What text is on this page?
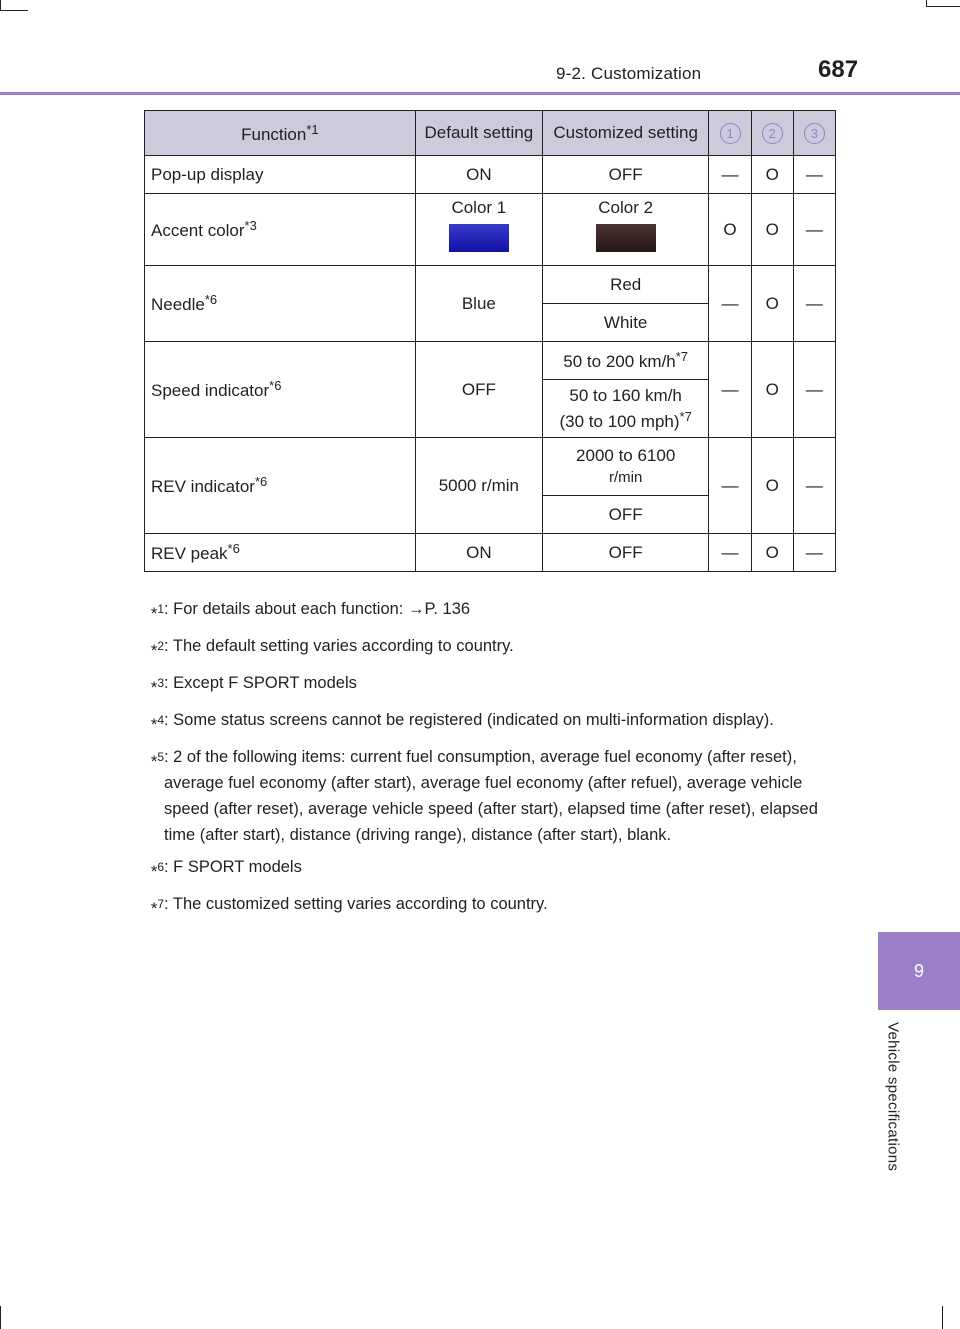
9-2. Customization	687
9
Vehicle specifications
Function$^{*1}$	Default setting	Customized setting	1	2	3
Pop-up display	ON	OFF	—	O	—
Accent color$^{*3}$	Color 1	Color 2	O	O	—
Needle$^{*6}$	Blue	Red	—	O	—
		White			
Speed indicator$^{*6}$	OFF	50 to 200 $km/h^{*7}$	—	O	—
		50 to 160 km/h
(30 to 100 mph)$^{*7}$
REV indicator$^{*6}$	5000 r/min	2000 to 6100
r/min	—	O	—
		OFF			
REV peak$^{*6}$	ON	OFF	—	O	—
*$^1$ : For details about each function: →P. 136
*$^2$ : The default setting varies according to country.
*$^3$ : Except F SPORT models
*$^4$ : Some status screens cannot be registered (indicated on multi-information display).
*$^5$ : 2 of the following items: current fuel consumption, average fuel economy (after reset), average fuel economy (after start), average fuel economy (after refuel), average vehicle speed (after reset), average vehicle speed (after start), elapsed time (after reset), elapsed time (after start), distance (driving range), distance (after start), blank.
*$^6$ : F SPORT models
*$^7$ : The customized setting varies according to country.
